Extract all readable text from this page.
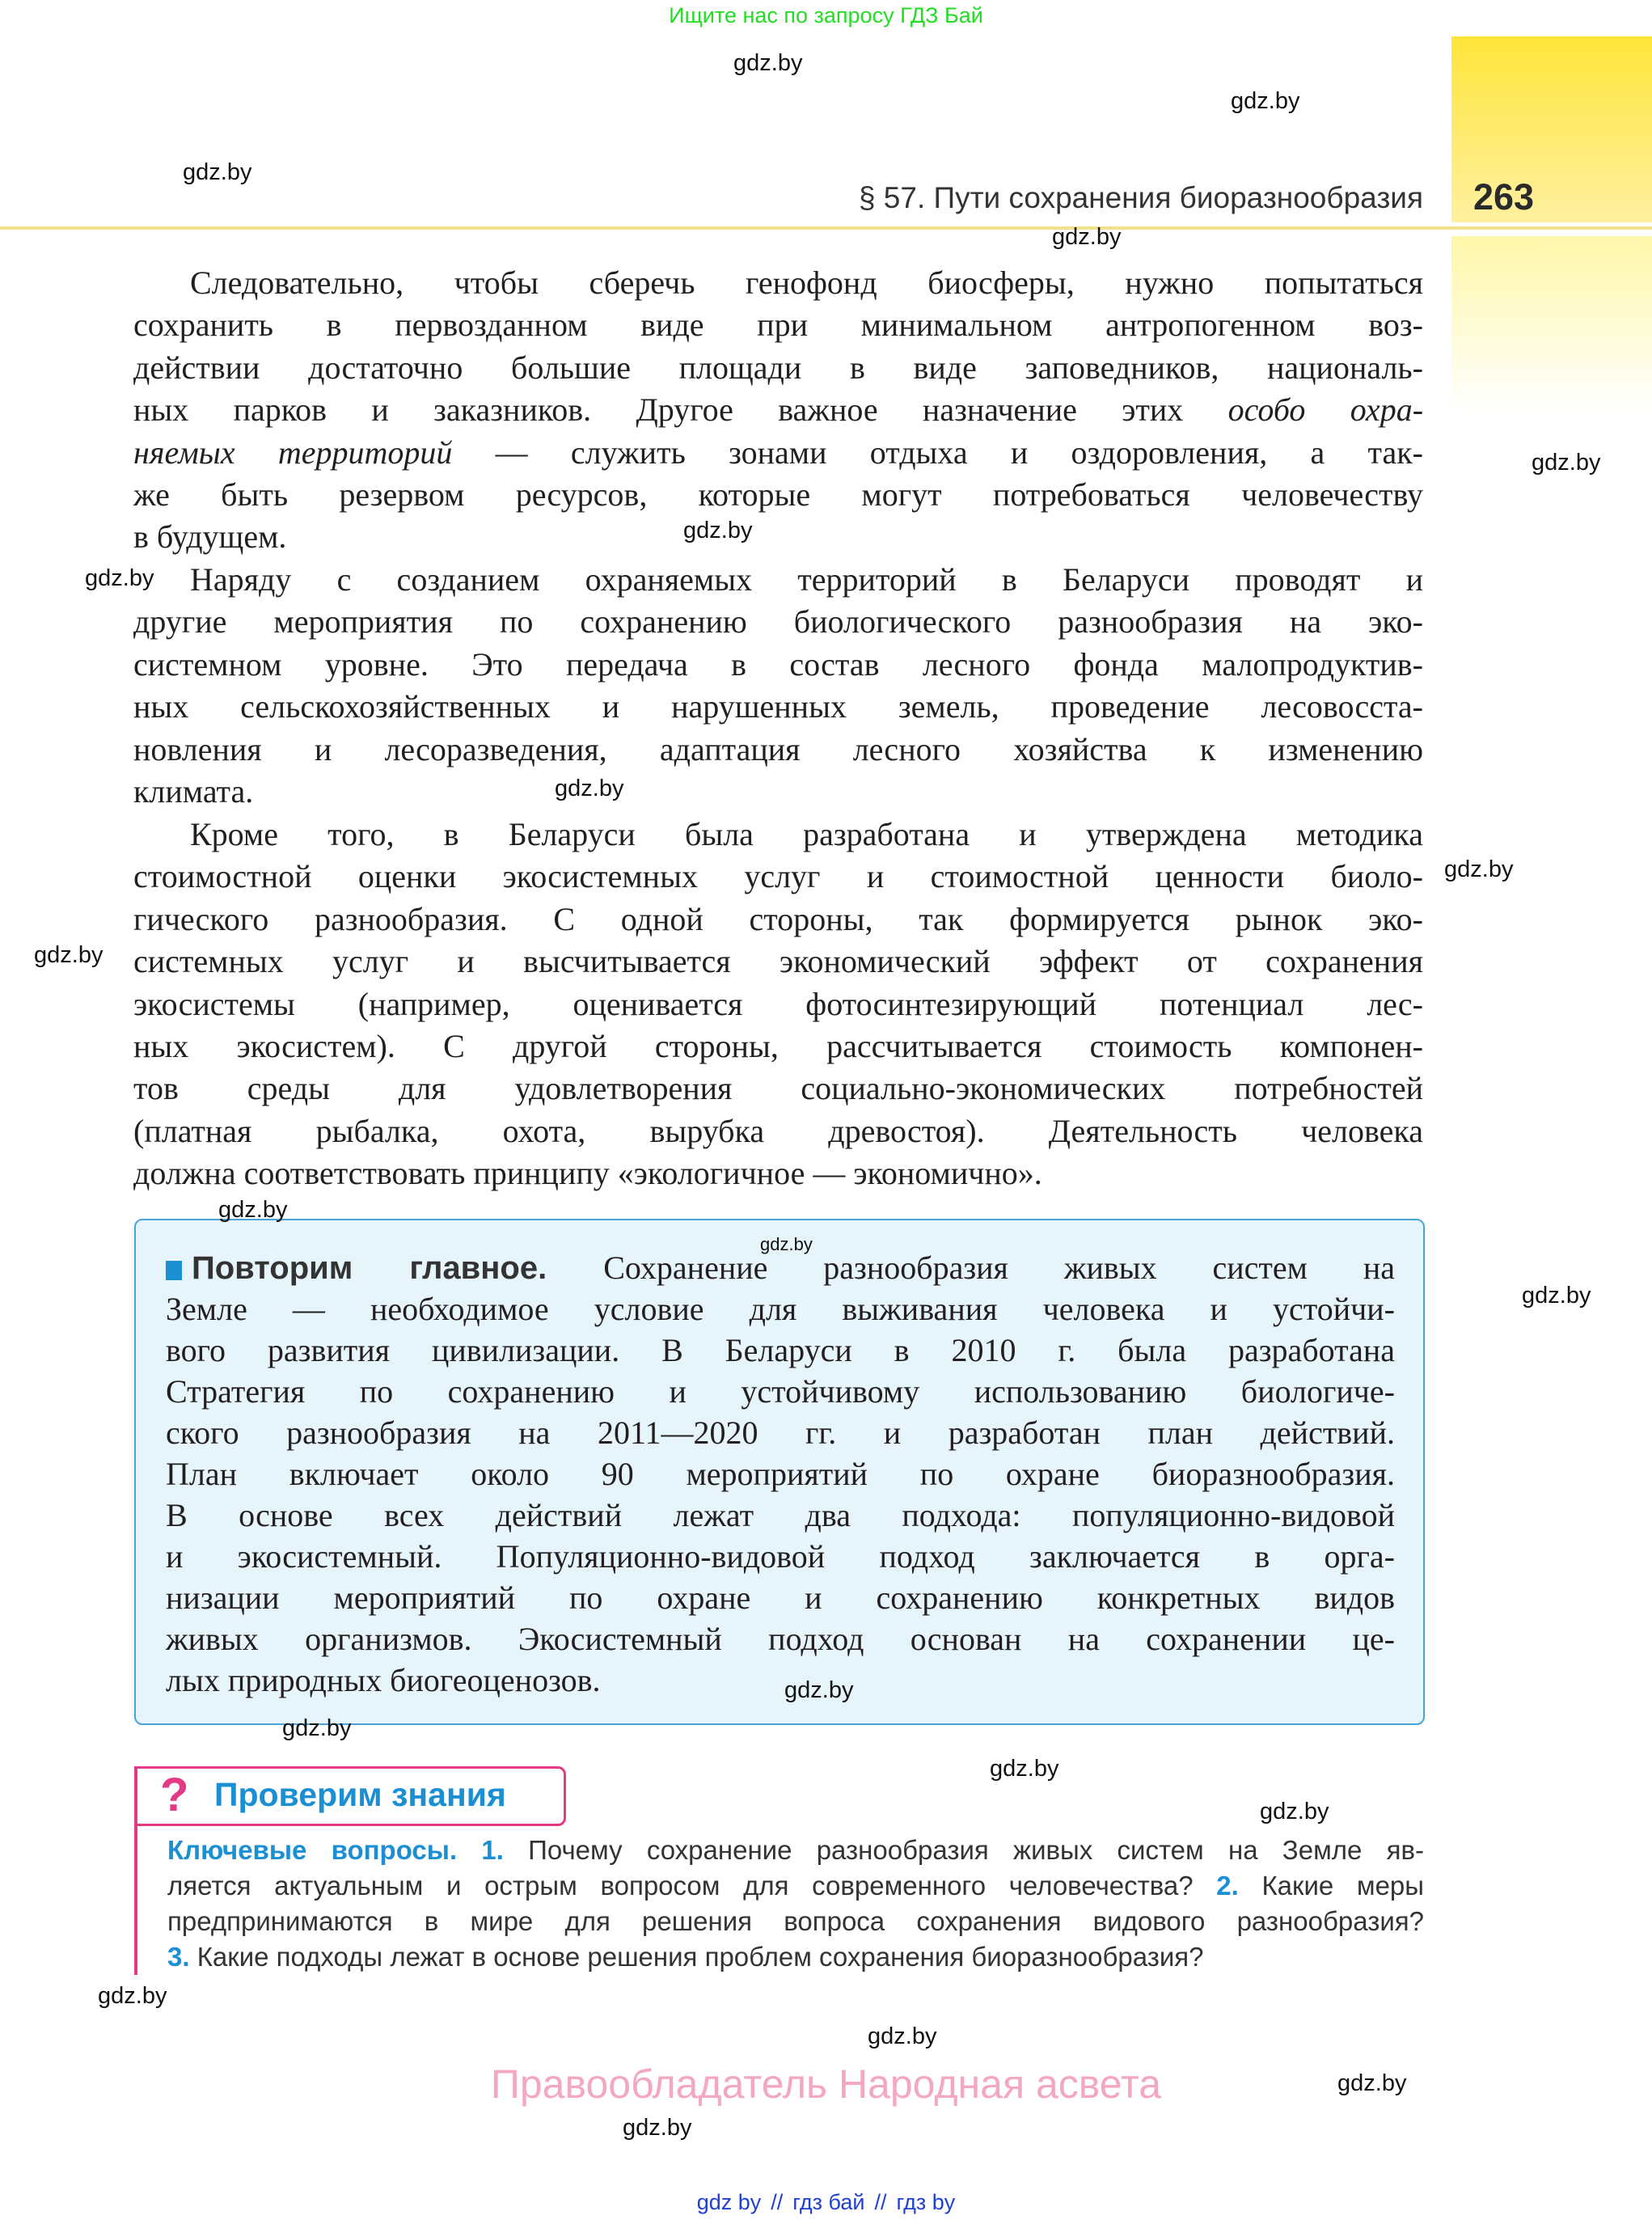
Ищите нас по запросу ГДЗ Бай
§ 57. Пути сохранения биоразнообразия 263
Следовательно, чтобы сберечь генофонд биосферы, нужно попытаться
сохранить в первозданном виде при минимальном антропогенном воз-
действии достаточно большие площади в виде заповедников, националь-
ных парков и заказников. Другое важное назначение этих особо охра-
няемых территорий — служить зонами отдыха и оздоровления, а так-
же быть резервом ресурсов, которые могут потребоваться человечеству
в будущем.
Наряду с созданием охраняемых территорий в Беларуси проводят и
другие мероприятия по сохранению биологического разнообразия на эко-
системном уровне. Это передача в состав лесного фонда малопродуктив-
ных сельскохозяйственных и нарушенных земель, проведение лесовосста-
новления и лесоразведения, адаптация лесного хозяйства к изменению
климата.
Кроме того, в Беларуси была разработана и утверждена методика
стоимостной оценки экосистемных услуг и стоимостной ценности биоло-
гического разнообразия. С одной стороны, так формируется рынок эко-
системных услуг и высчитывается экономический эффект от сохранения
экосистемы (например, оценивается фотосинтезирующий потенциал лес-
ных экосистем). С другой стороны, рассчитывается стоимость компонен-
тов среды для удовлетворения социально-экономических потребностей
(платная рыбалка, охота, вырубка древостоя). Деятельность человека
должна соответствовать принципу «экологичное — экономично».
Повторим главное. Сохранение разнообразия живых систем на
Земле — необходимое условие для выживания человека и устойчи-
вого развития цивилизации. В Беларуси в 2010 г. была разработана
Стратегия по сохранению и устойчивому использованию биологиче-
ского разнообразия на 2011—2020 гг. и разработан план действий.
План включает около 90 мероприятий по охране биоразнообразия.
В основе всех действий лежат два подхода: популяционно-видовой
и экосистемный. Популяционно-видовой подход заключается в орга-
низации мероприятий по охране и сохранению конкретных видов
живых организмов. Экосистемный подход основан на сохранении це-
лых природных биогеоценозов.
? Проверим знания
Ключевые вопросы. 1. Почему сохранение разнообразия живых систем на Земле яв-
ляется актуальным и острым вопросом для современного человечества? 2. Какие меры
предпринимаются в мире для решения вопроса сохранения видового разнообразия?
3. Какие подходы лежат в основе решения проблем сохранения биоразнообразия?
Правообладатель Народная асвета
gdz by // гдз бай // гдз by
gdz.by
gdz.by
gdz.by
gdz.by
gdz.by
gdz.by
gdz.by
gdz.by
gdz.by
gdz.by
gdz.by
gdz.by
gdz.by
gdz.by
gdz.by
gdz.by
gdz.by
gdz.by
gdz.by
gdz.by
gdz.by
